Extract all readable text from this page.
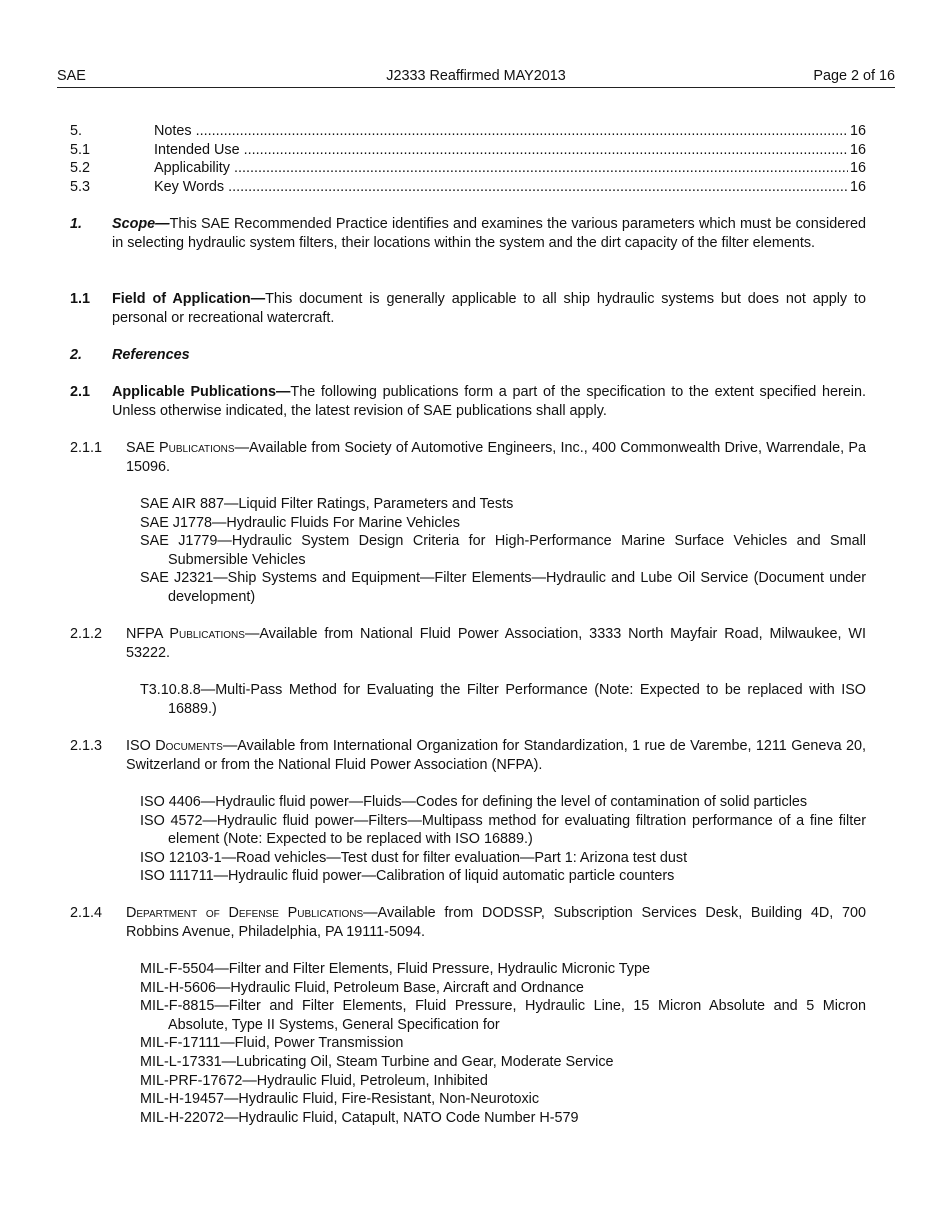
J2333 Reaffirmed MAY2013
SAE	Page 2 of 16
5.	Notes .....	16
5.1	Intended Use .....	16
5.2	Applicability .....	16
5.3	Key Words .....	16
1. Scope—This SAE Recommended Practice identifies and examines the various parameters which must be considered in selecting hydraulic system filters, their locations within the system and the dirt capacity of the filter elements.
1.1 Field of Application—This document is generally applicable to all ship hydraulic systems but does not apply to personal or recreational watercraft.
2. References
2.1 Applicable Publications—The following publications form a part of the specification to the extent specified herein. Unless otherwise indicated, the latest revision of SAE publications shall apply.
2.1.1 SAE Publications—Available from Society of Automotive Engineers, Inc., 400 Commonwealth Drive, Warrendale, Pa 15096.
SAE AIR 887—Liquid Filter Ratings, Parameters and Tests
SAE J1778—Hydraulic Fluids For Marine Vehicles
SAE J1779—Hydraulic System Design Criteria for High-Performance Marine Surface Vehicles and Small Submersible Vehicles
SAE J2321—Ship Systems and Equipment—Filter Elements—Hydraulic and Lube Oil Service (Document under development)
2.1.2 NFPA Publications—Available from National Fluid Power Association, 3333 North Mayfair Road, Milwaukee, WI 53222.
T3.10.8.8—Multi-Pass Method for Evaluating the Filter Performance (Note: Expected to be replaced with ISO 16889.)
2.1.3 ISO Documents—Available from International Organization for Standardization, 1 rue de Varembe, 1211 Geneva 20, Switzerland or from the National Fluid Power Association (NFPA).
ISO 4406—Hydraulic fluid power—Fluids—Codes for defining the level of contamination of solid particles
ISO 4572—Hydraulic fluid power—Filters—Multipass method for evaluating filtration performance of a fine filter element (Note: Expected to be replaced with ISO 16889.)
ISO 12103-1—Road vehicles—Test dust for filter evaluation—Part 1: Arizona test dust
ISO 111711—Hydraulic fluid power—Calibration of liquid automatic particle counters
2.1.4 Department of Defense Publications—Available from DODSSP, Subscription Services Desk, Building 4D, 700 Robbins Avenue, Philadelphia, PA 19111-5094.
MIL-F-5504—Filter and Filter Elements, Fluid Pressure, Hydraulic Micronic Type
MIL-H-5606—Hydraulic Fluid, Petroleum Base, Aircraft and Ordnance
MIL-F-8815—Filter and Filter Elements, Fluid Pressure, Hydraulic Line, 15 Micron Absolute and 5 Micron Absolute, Type II Systems, General Specification for
MIL-F-17111—Fluid, Power Transmission
MIL-L-17331—Lubricating Oil, Steam Turbine and Gear, Moderate Service
MIL-PRF-17672—Hydraulic Fluid, Petroleum, Inhibited
MIL-H-19457—Hydraulic Fluid, Fire-Resistant, Non-Neurotoxic
MIL-H-22072—Hydraulic Fluid, Catapult, NATO Code Number H-579
